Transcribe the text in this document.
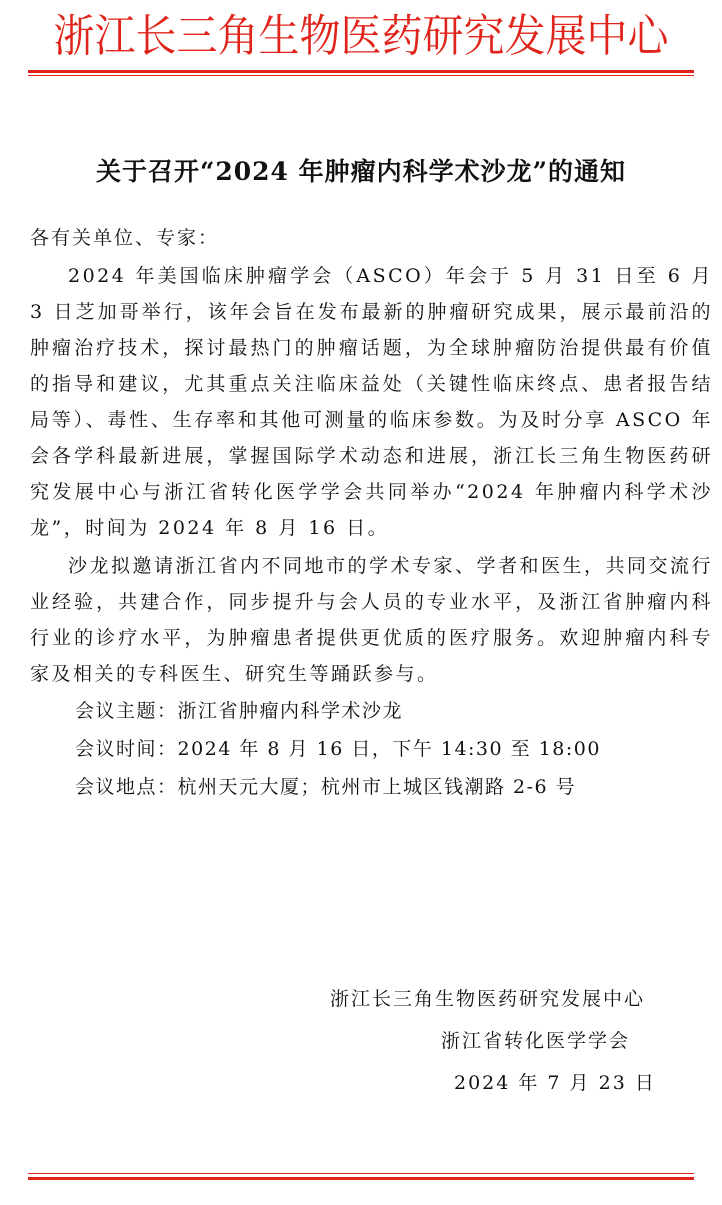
浙江长三角生物医药研究发展中心
关于召开“2024 年肿瘤内科学术沙龙”的通知

各有关单位、专家：

2024 年美国临床肿瘤学会（ASCO）年会于 5 月 31 日至 6 月 3 日芝加哥举行，该年会旨在发布最新的肿瘤研究成果，展示最前沿的肿瘤治疗技术，探讨最热门的肿瘤话题，为全球肿瘤防治提供最有价值的指导和建议，尤其重点关注临床益处（关键性临床终点、患者报告结局等）、毒性、生存率和其他可测量的临床参数。为及时分享 ASCO 年会各学科最新进展，掌握国际学术动态和进展，浙江长三角生物医药研究发展中心与浙江省转化医学学会共同举办“2024 年肿瘤内科学术沙龙”，时间为 2024 年 8 月 16 日。

沙龙拟邀请浙江省内不同地市的学术专家、学者和医生，共同交流行业经验，共建合作，同步提升与会人员的专业水平，及浙江省肿瘤内科行业的诊疗水平，为肿瘤患者提供更优质的医疗服务。欢迎肿瘤内科专家及相关的专科医生、研究生等踊跃参与。

会议主题：浙江省肿瘤内科学术沙龙

会议时间：2024 年 8 月 16 日，下午 14:30 至 18:00

会议地点：杭州天元大厦；杭州市上城区钱潮路 2-6 号

浙江长三角生物医药研究发展中心
浙江省转化医学学会
2024 年 7 月 23 日
